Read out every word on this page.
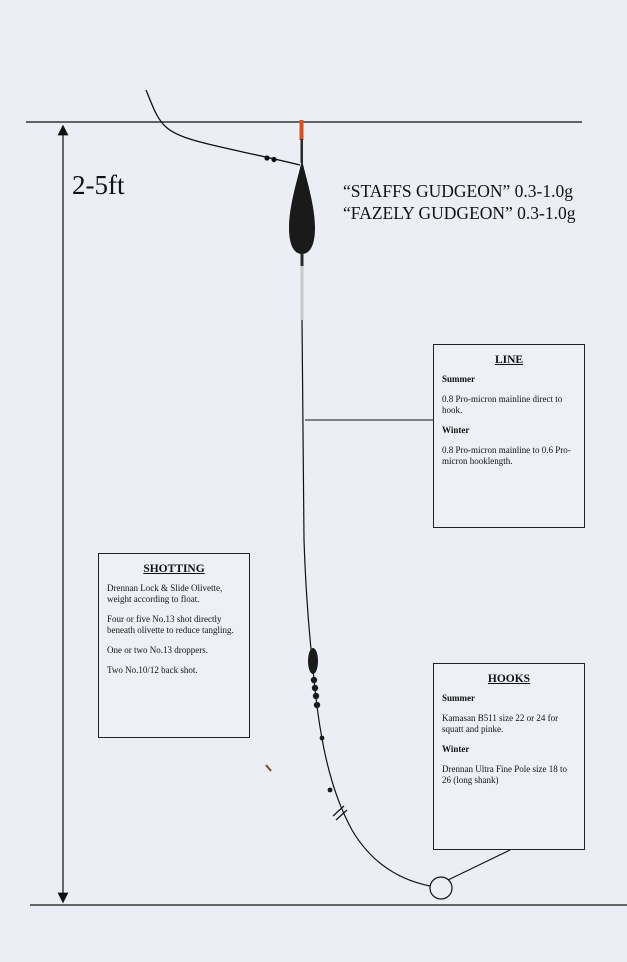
2-5ft	“STAFFS GUDGEON” 0.3-1.0g
“FAZELY GUDGEON” 0.3-1.0g
LINE
Summer
0.8 Pro-micron mainline direct to hook.
Winter
0.8 Pro-micron mainline to 0.6 Pro-micron hooklength.
SHOTTING
Drennan Lock & Slide Olivette, weight according to float.
Four or five No.13 shot directly beneath olivette to reduce tangling.
One or two No.13 droppers.
Two No.10/12 back shot.
HOOKS
Summer
Kamasan B511 size 22 or 24 for squatt and pinke.
Winter
Drennan Ultra Fine Pole size 18 to 26 (long shank)
